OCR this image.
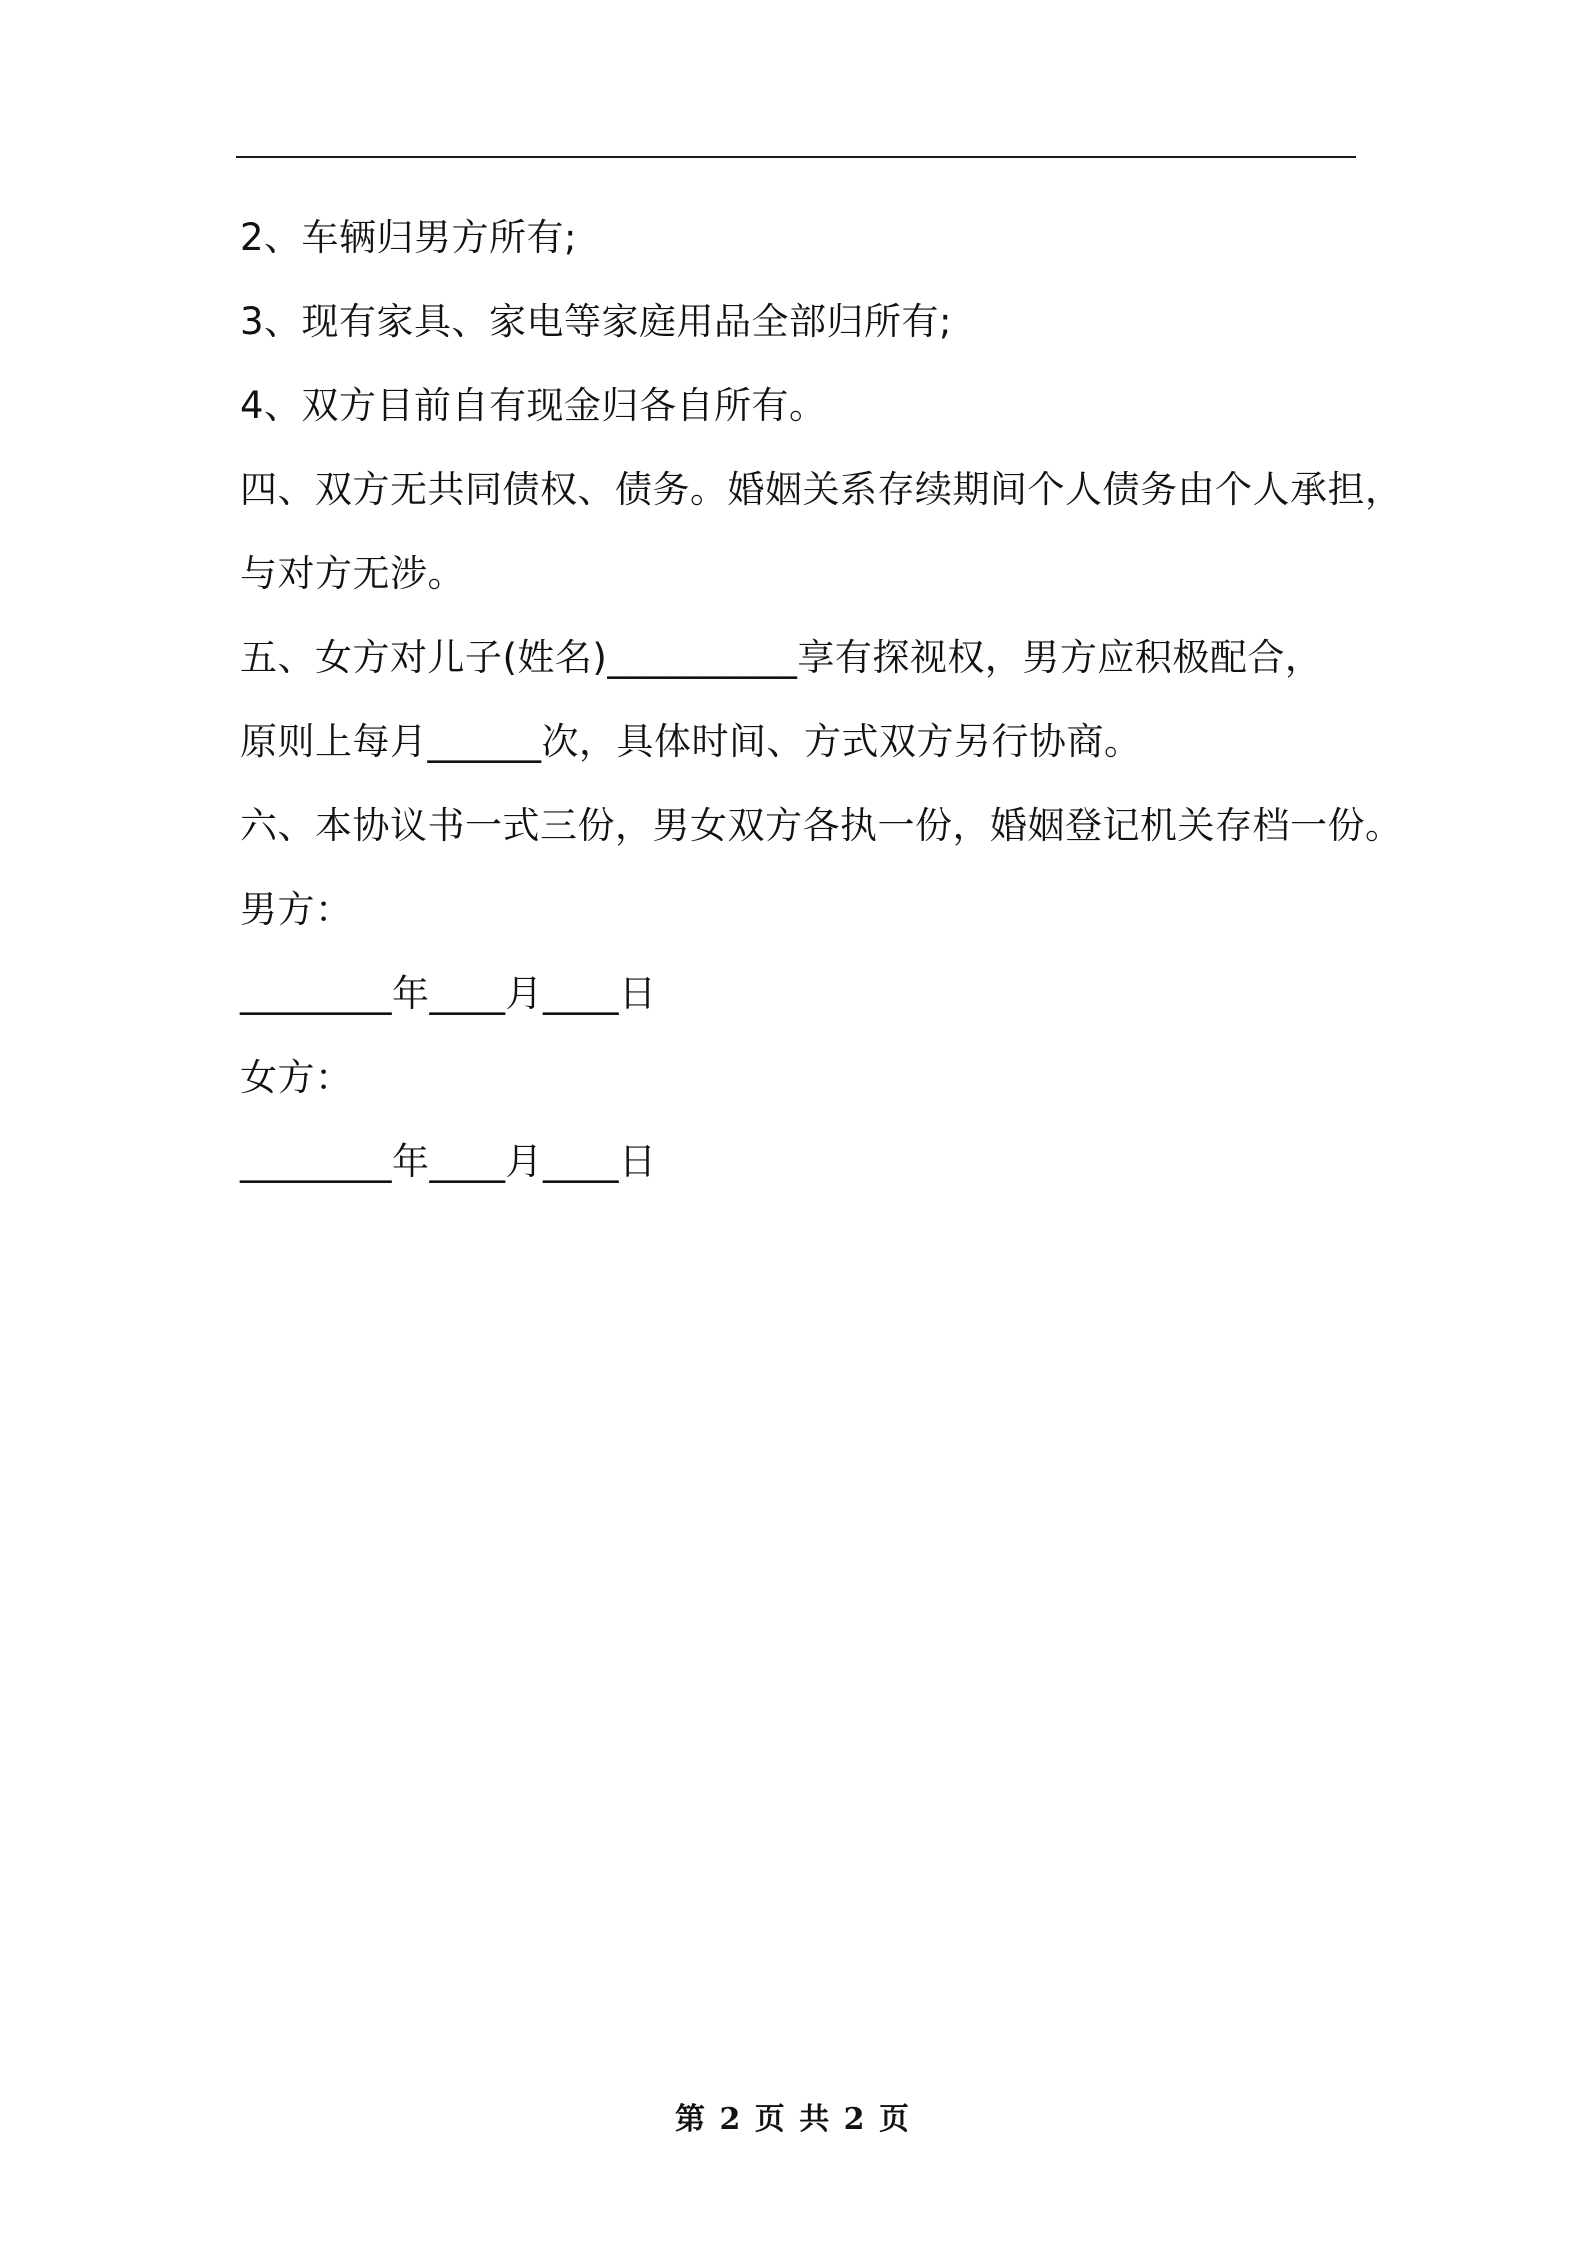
2、车辆归男方所有;
3、现有家具、家电等家庭用品全部归所有;
4、双方目前自有现金归各自所有。
四、双方无共同债权、债务。婚姻关系存续期间个人债务由个人承担，
与对方无涉。
五、女方对儿子(姓名)__________享有探视权，男方应积极配合，
原则上每月______次，具体时间、方式双方另行协商。
六、本协议书一式三份，男女双方各执一份，婚姻登记机关存档一份。
男方：
________年____月____日
女方：
________年____月____日
第 2 页 共 2 页
